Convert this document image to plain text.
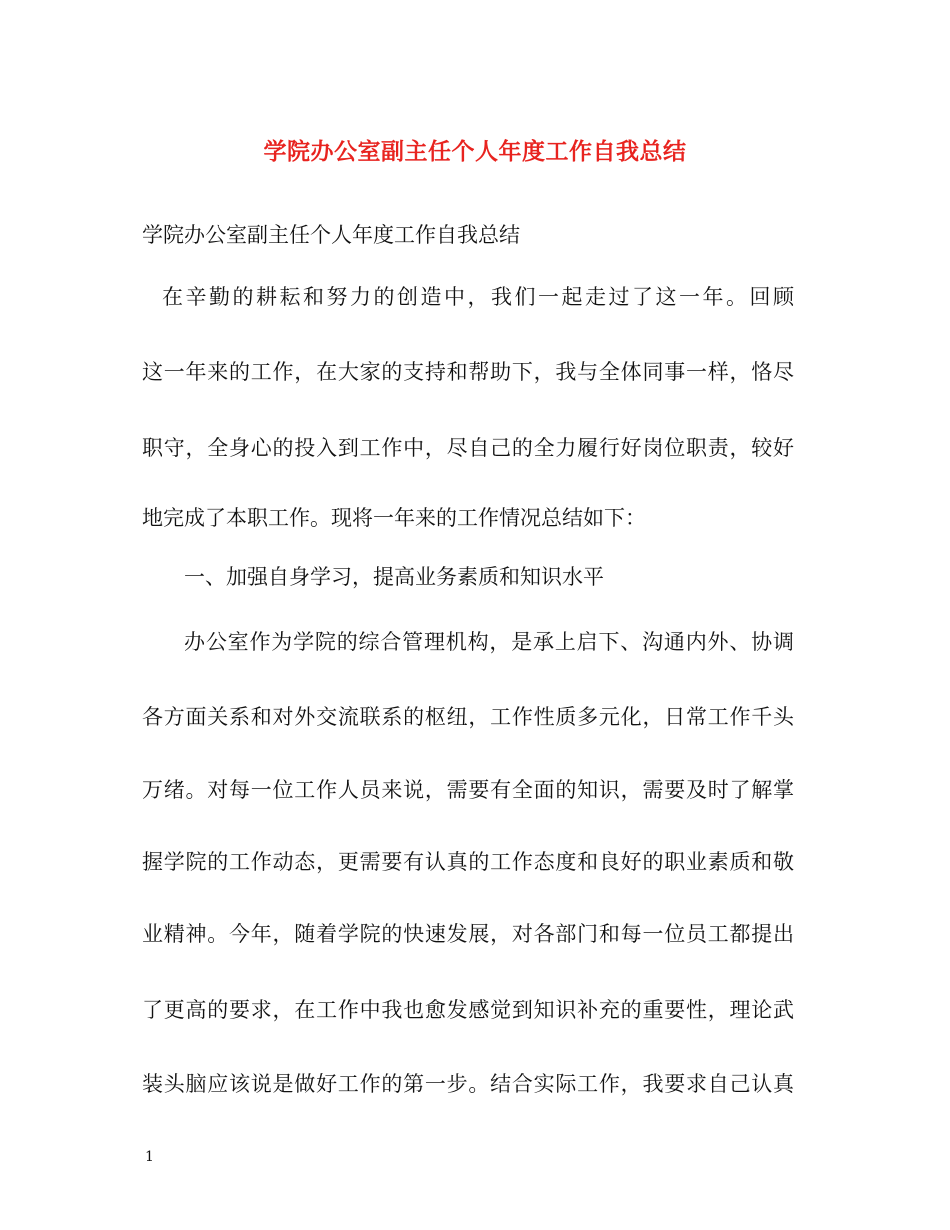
学院办公室副主任个人年度工作自我总结
学院办公室副主任个人年度工作自我总结
在辛勤的耕耘和努力的创造中，我们一起走过了这一年。回顾
这一年来的工作，在大家的支持和帮助下，我与全体同事一样，恪尽
职守，全身心的投入到工作中，尽自己的全力履行好岗位职责，较好
地完成了本职工作。现将一年来的工作情况总结如下：
一、加强自身学习，提高业务素质和知识水平
办公室作为学院的综合管理机构，是承上启下、沟通内外、协调
各方面关系和对外交流联系的枢纽，工作性质多元化，日常工作千头
万绪。对每一位工作人员来说，需要有全面的知识，需要及时了解掌
握学院的工作动态，更需要有认真的工作态度和良好的职业素质和敬
业精神。今年，随着学院的快速发展，对各部门和每一位员工都提出
了更高的要求，在工作中我也愈发感觉到知识补充的重要性，理论武
装头脑应该说是做好工作的第一步。结合实际工作，我要求自己认真
1
